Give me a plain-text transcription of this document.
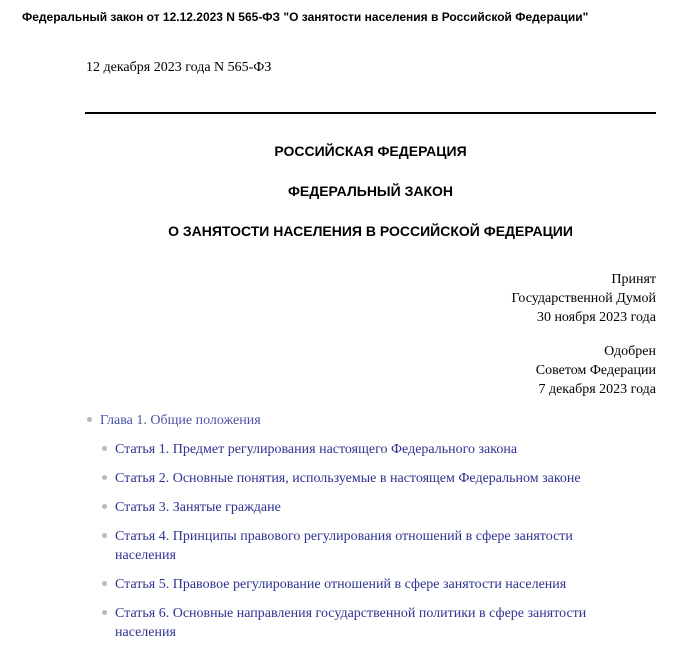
Федеральный закон от 12.12.2023 N 565-ФЗ "О занятости населения в Российской Федерации"
12 декабря 2023 года N 565-ФЗ
РОССИЙСКАЯ ФЕДЕРАЦИЯ
ФЕДЕРАЛЬНЫЙ ЗАКОН
О ЗАНЯТОСТИ НАСЕЛЕНИЯ В РОССИЙСКОЙ ФЕДЕРАЦИИ
Принят
Государственной Думой
30 ноября 2023 года
Одобрен
Советом Федерации
7 декабря 2023 года
Глава 1. Общие положения
Статья 1. Предмет регулирования настоящего Федерального закона
Статья 2. Основные понятия, используемые в настоящем Федеральном законе
Статья 3. Занятые граждане
Статья 4. Принципы правового регулирования отношений в сфере занятости
населения
Статья 5. Правовое регулирование отношений в сфере занятости населения
Статья 6. Основные направления государственной политики в сфере занятости
населения
